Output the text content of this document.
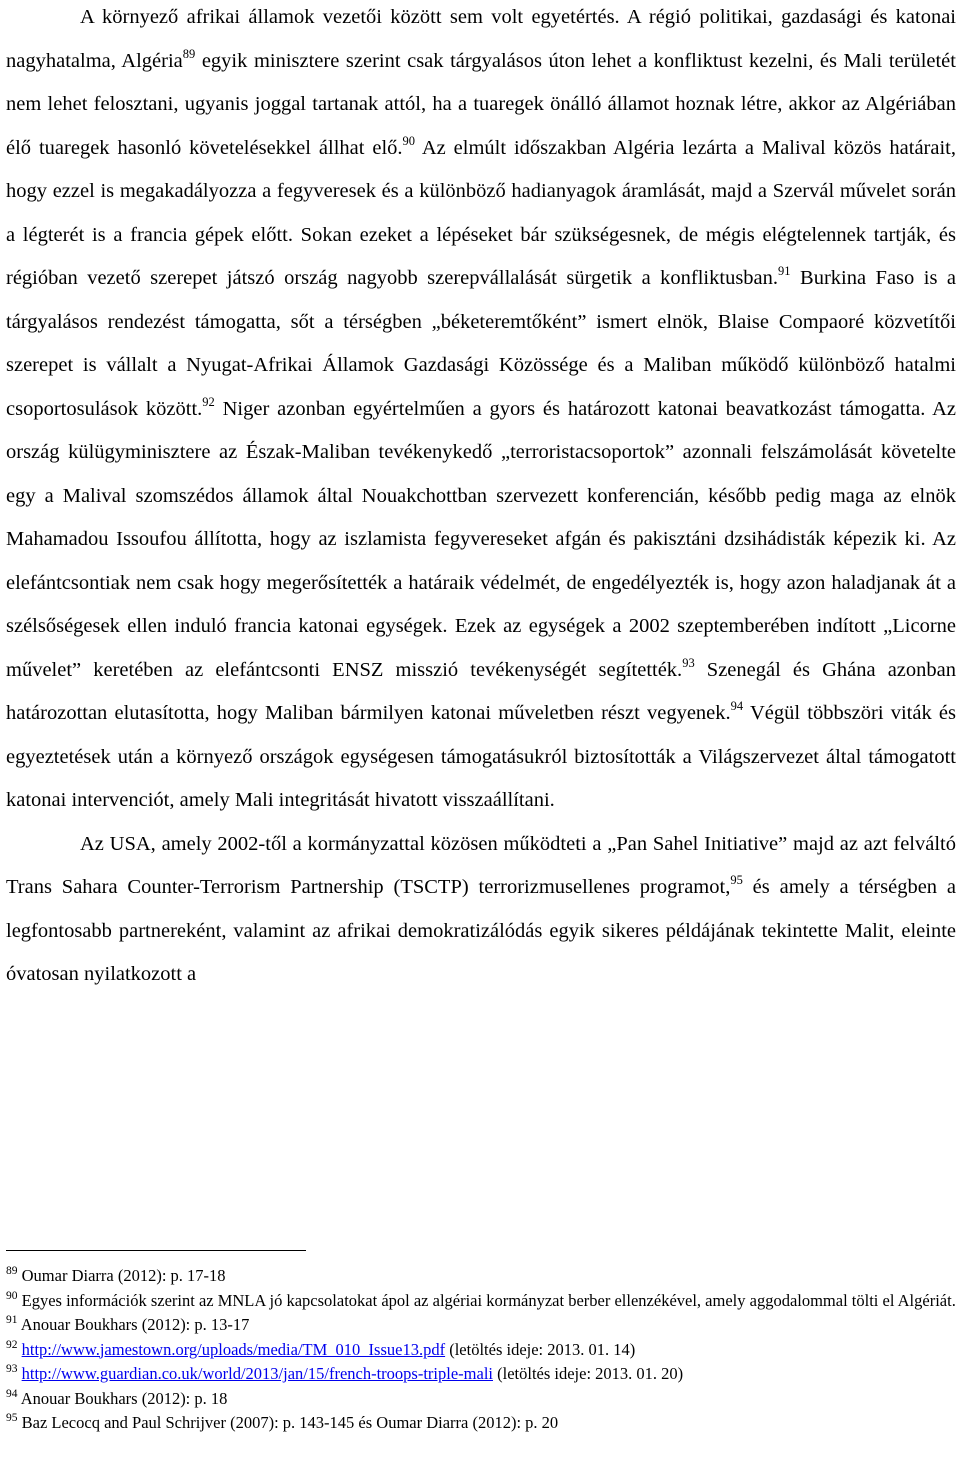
A környező afrikai államok vezetői között sem volt egyetértés. A régió politikai, gazdasági és katonai nagyhatalma, Algéria$^{89}$ egyik minisztere szerint csak tárgyalásos úton lehet a konfliktust kezelni, és Mali területét nem lehet felosztani, ugyanis joggal tartanak attól, ha a tuaregek önálló államot hoznak létre, akkor az Algériában élő tuaregek hasonló követelésekkel állhat elő.$^{90}$ Az elmúlt időszakban Algéria lezárta a Malival közös határait, hogy ezzel is megakadályozza a fegyveresek és a különböző hadianyagok áramlását, majd a Szervál művelet során a légterét is a francia gépek előtt. Sokan ezeket a lépéseket bár szükségesnek, de mégis elégtelennek tartják, és régióban vezető szerepet játszó ország nagyobb szerepvállalását sürgetik a konfliktusban.$^{91}$ Burkina Faso is a tárgyalásos rendezést támogatta, sőt a térségben „béketeremtőként” ismert elnök, Blaise Compaoré közvetítői szerepet is vállalt a Nyugat-Afrikai Államok Gazdasági Közössége és a Maliban működő különböző hatalmi csoportosulások között.$^{92}$ Niger azonban egyértelműen a gyors és határozott katonai beavatkozást támogatta. Az ország külügyminisztere az Észak-Maliban tevékenykedő „terroristacsoportok” azonnali felszámolását követelte egy a Malival szomszédos államok által Nouakchottban szervezett konferencián, később pedig maga az elnök Mahamadou Issoufou állította, hogy az iszlamista fegyvereseket afgán és pakisztáni dzsihádisták képezik ki. Az elefántcsontiak nem csak hogy megerősítették a határaik védelmét, de engedélyezték is, hogy azon haladjanak át a szélsőségesek ellen induló francia katonai egységek. Ezek az egységek a 2002 szeptemberében indított „Licorne művelet” keretében az elefántcsonti ENSZ misszió tevékenységét segítették.$^{93}$ Szenegál és Ghána azonban határozottan elutasította, hogy Maliban bármilyen katonai műveletben részt vegyenek.$^{94}$ Végül többszöri viták és egyeztetések után a környező országok egységesen támogatásukról biztosították a Világszervezet által támogatott katonai intervenciót, amely Mali integritását hivatott visszaállítani.

Az USA, amely 2002-től a kormányzattal közösen működteti a „Pan Sahel Initiative” majd az azt felváltó Trans Sahara Counter-Terrorism Partnership (TSCTP) terrorizmusellenes programot,$^{95}$ és amely a térségben a legfontosabb partnereként, valamint az afrikai demokratizálódás egyik sikeres példájának tekintette Malit, eleinte óvatosan nyilatkozott a

$^{89}$ Oumar Diarra (2012): p. 17-18
$^{90}$ Egyes információk szerint az MNLA jó kapcsolatokat ápol az algériai kormányzat berber ellenzékével, amely aggodalommal tölti el Algériát.
$^{91}$ Anouar Boukhars (2012): p. 13-17
$^{92}$ http://www.jamestown.org/uploads/media/TM_010_Issue13.pdf (letöltés ideje: 2013. 01. 14)
$^{93}$ http://www.guardian.co.uk/world/2013/jan/15/french-troops-triple-mali (letöltés ideje: 2013. 01. 20)
$^{94}$ Anouar Boukhars (2012): p. 18
$^{95}$ Baz Lecocq and Paul Schrijver (2007): p. 143-145 és Oumar Diarra (2012): p. 20
